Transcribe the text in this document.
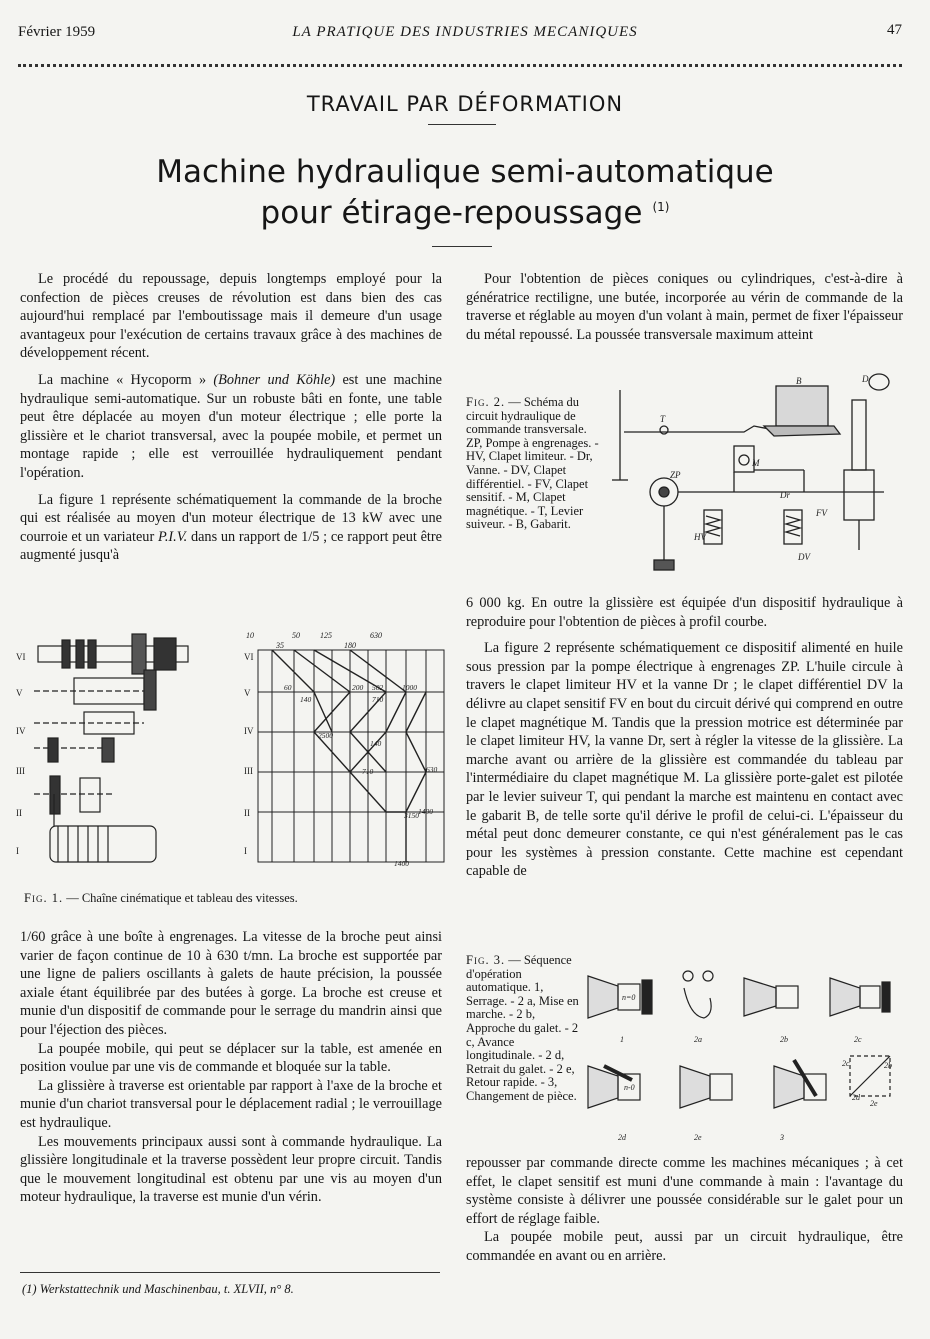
Février 1959	LA PRATIQUE DES INDUSTRIES MECANIQUES	47
TRAVAIL PAR DÉFORMATION
Machine hydraulique semi-automatique
pour étirage-repoussage $^{(1)}$

Le procédé du repoussage, depuis longtemps employé pour la confection de pièces creuses de révolution est dans bien des cas aujourd'hui remplacé par l'emboutissage mais il demeure d'un usage avantageux pour l'exécution de certains travaux grâce à des machines de développement récent.

La machine « Hycoporm » (Bohner und Köhle) est une machine hydraulique semi-automatique. Sur un robuste bâti en fonte, une table peut être déplacée au moyen d'un moteur électrique ; elle porte la glissière et le chariot transversal, avec la poupée mobile, et permet un montage rapide ; elle est verrouillée hydrauliquement pendant l'opération.

La figure 1 représente schématiquement la commande de la broche qui est réalisée au moyen d'un moteur électrique de 13 kW avec une courroie et un variateur P.I.V. dans un rapport de 1/5 ; ce rapport peut être augmenté jusqu'à

VI	VI
V	V
IV	IV
III	III
II	II
I	I
10
35
50	125
180
630
60
140
200 502
710
1000
2500
140
710	630
3150
1400
1400
Fig. 1. — Chaîne cinématique et tableau des vitesses.

1/60 grâce à une boîte à engrenages. La vitesse de la broche peut ainsi varier de façon continue de 10 à 630 t/mn. La broche est supportée par une ligne de paliers oscillants à galets de haute précision, la poussée axiale étant équilibrée par des butées à gorge. La broche est creuse et munie d'un dispositif de commande pour le serrage du mandrin ainsi que pour l'éjection des pièces.

La poupée mobile, qui peut se déplacer sur la table, est amenée en position voulue par une vis de commande et bloquée sur la table.

La glissière à traverse est orientable par rapport à l'axe de la broche et munie d'un chariot transversal pour le déplacement radial ; le verrouillage est hydraulique.

Les mouvements principaux aussi sont à commande hydraulique. La glissière longitudinale et la traverse possèdent leur propre circuit. Tandis que le mouvement longitudinal est obtenu par une vis au moyen d'un moteur hydraulique, la traverse est munie d'un vérin.

(1) Werkstattechnik und Maschinenbau, t. XLVII, n° 8.

Pour l'obtention de pièces coniques ou cylindriques, c'est-à-dire à génératrice rectiligne, une butée, incorporée au vérin de commande de la traverse et réglable au moyen d'un volant à main, permet de fixer l'épaisseur du métal repoussé. La poussée transversale maximum atteint

Fig. 2. — Schéma du circuit hydraulique de commande transversale. ZP, Pompe à engrenages. - HV, Clapet limiteur. - Dr, Vanne. - DV, Clapet différentiel. - FV, Clapet sensitif. - M, Clapet magnétique. - T, Levier suiveur. - B, Gabarit.
B	D
T
ZP
M
HV
Dr
FV
DV

6 000 kg. En outre la glissière est équipée d'un dispositif hydraulique à reproduire pour l'obtention de pièces à profil courbe.

La figure 2 représente schématiquement ce dispositif alimenté en huile sous pression par la pompe électrique à engrenages ZP. L'huile circule à travers le clapet limiteur HV et la vanne Dr ; le clapet différentiel DV la délivre au clapet sensitif FV en bout du circuit dérivé qui comprend en outre le clapet magnétique M. Tandis que la pression motrice est déterminée par le clapet limiteur HV, la vanne Dr, sert à régler la vitesse de la glissière. La marche avant ou arrière de la glissière est commandée du tableau par l'intermédiaire du clapet magnétique M. La glissière porte-galet est pilotée par le levier suiveur T, qui pendant la marche est maintenu en contact avec le gabarit B, de telle sorte qu'il dérive le profil de celui-ci. L'épaisseur du métal peut donc demeurer constante, ce qui n'est généralement pas le cas pour les systèmes à pression constante. Cette machine est cependant capable de

Fig. 3. — Séquence d'opération automatique. 1, Serrage. - 2 a, Mise en marche. - 2 b, Approche du galet. - 2 c, Avance longitudinale. - 2 d, Retrait du galet. - 2 e, Retour rapide. - 3, Changement de pièce.
1	2a	2b	2c
2d	2e	3
n=0
n-0
2c
2d
2e
2b

repousser par commande directe comme les machines mécaniques ; à cet effet, le clapet sensitif est muni d'une commande à main : l'avantage du système consiste à délivrer une poussée considérable sur le galet pour un effort de réglage faible.

La poupée mobile peut, aussi par un circuit hydraulique, être commandée en avant ou en arrière.
